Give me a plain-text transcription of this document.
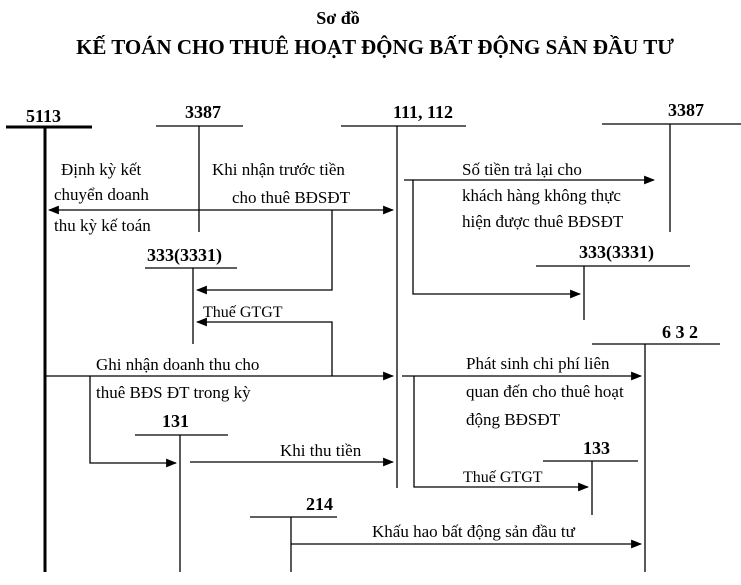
Sơ đồ
KẾ TOÁN CHO THUÊ HOẠT ĐỘNG BẤT ĐỘNG SẢN ĐẦU TƯ
5113	3387	111, 112	3387
333(3331)	333(3331)
6 3 2
131
133
214
Định kỳ kết
chuyển doanh
thu kỳ kế toán
Khi nhận trước tiền
cho thuê BĐSĐT
Số tiền trả lại cho
khách hàng không thực
hiện được thuê BĐSĐT
Thuế GTGT
Ghi nhận doanh thu cho
thuê BĐS ĐT trong kỳ
Phát sinh chi phí liên
quan đến cho thuê hoạt
động BĐSĐT
Thuế GTGT
Khi thu tiền
Khấu hao bất động sản đầu tư
